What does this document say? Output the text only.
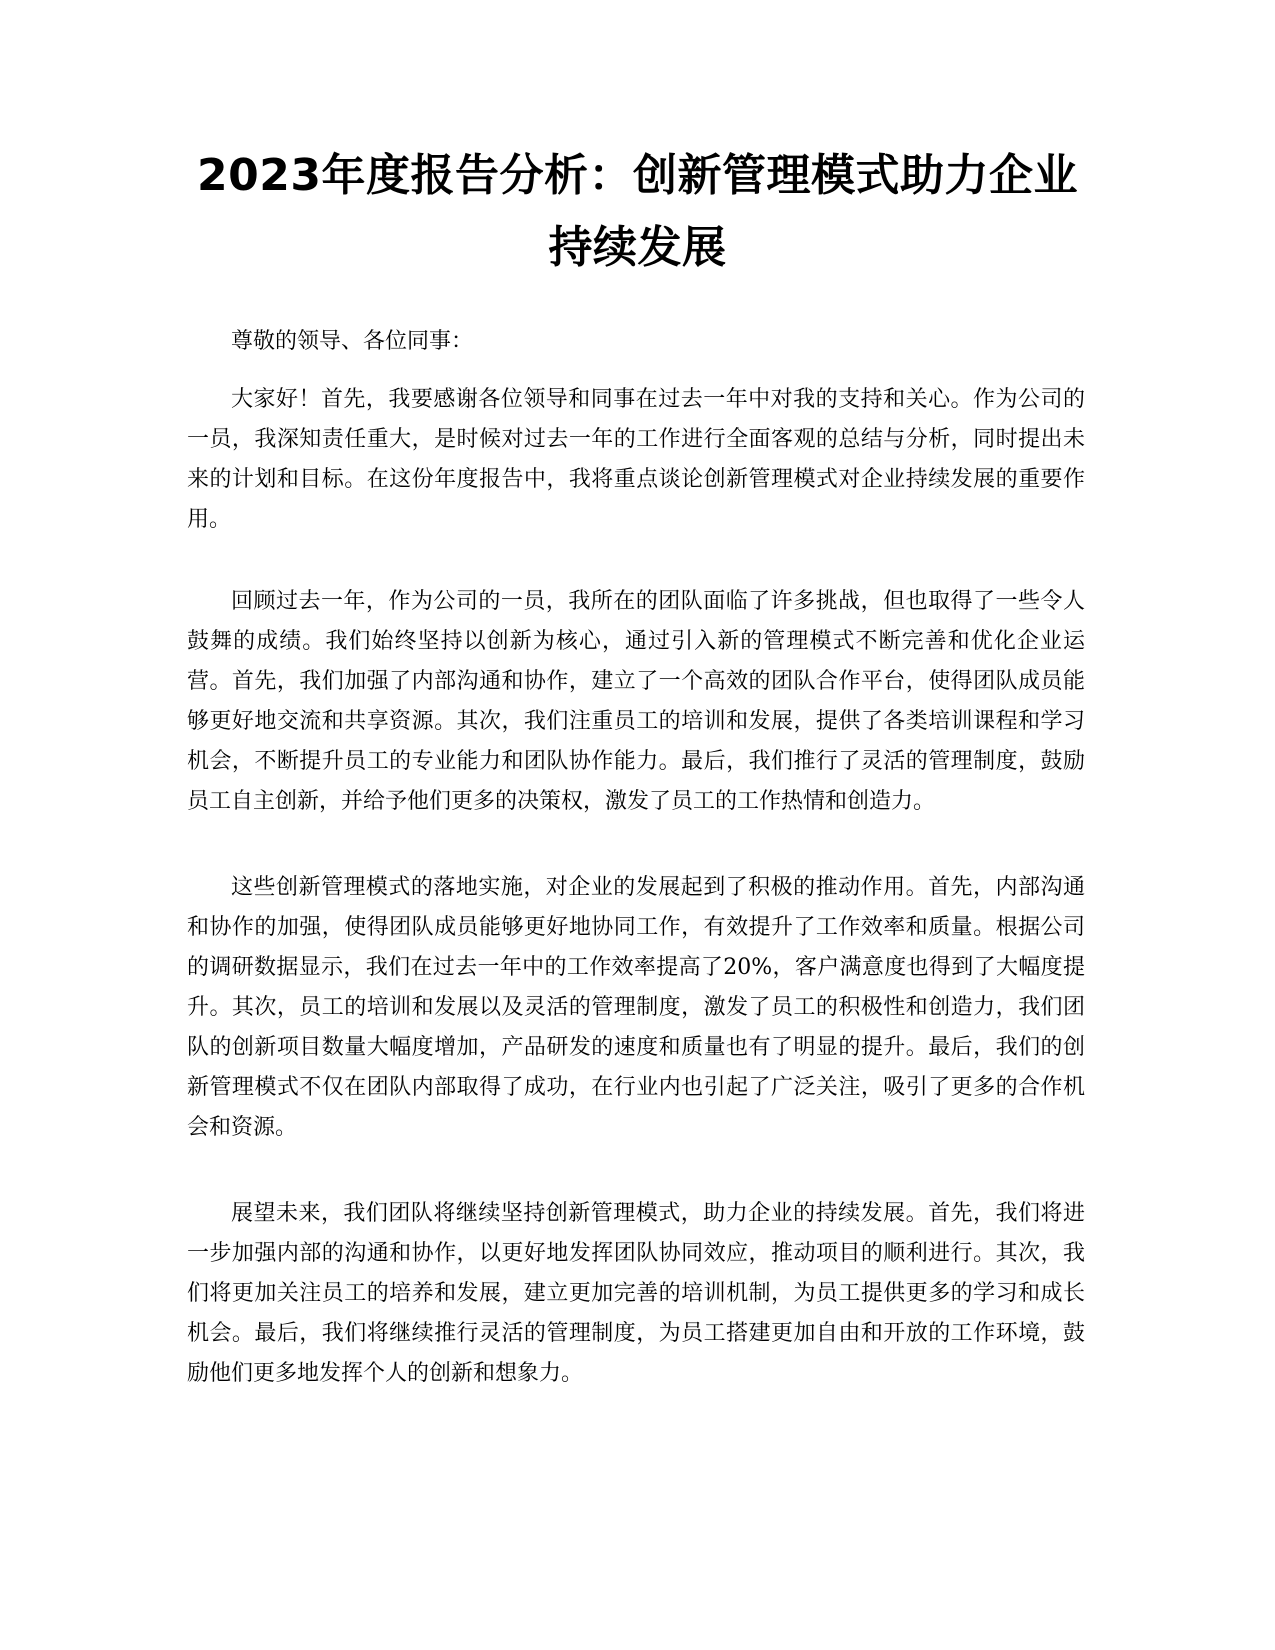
2023年度报告分析：创新管理模式助力企业
持续发展

尊敬的领导、各位同事：

大家好！首先，我要感谢各位领导和同事在过去一年中对我的支持和关心。作为公司的一员，我深知责任重大，是时候对过去一年的工作进行全面客观的总结与分析，同时提出未来的计划和目标。在这份年度报告中，我将重点谈论创新管理模式对企业持续发展的重要作用。

回顾过去一年，作为公司的一员，我所在的团队面临了许多挑战，但也取得了一些令人鼓舞的成绩。我们始终坚持以创新为核心，通过引入新的管理模式不断完善和优化企业运营。首先，我们加强了内部沟通和协作，建立了一个高效的团队合作平台，使得团队成员能够更好地交流和共享资源。其次，我们注重员工的培训和发展，提供了各类培训课程和学习机会，不断提升员工的专业能力和团队协作能力。最后，我们推行了灵活的管理制度，鼓励员工自主创新，并给予他们更多的决策权，激发了员工的工作热情和创造力。

这些创新管理模式的落地实施，对企业的发展起到了积极的推动作用。首先，内部沟通和协作的加强，使得团队成员能够更好地协同工作，有效提升了工作效率和质量。根据公司的调研数据显示，我们在过去一年中的工作效率提高了20%，客户满意度也得到了大幅度提升。其次，员工的培训和发展以及灵活的管理制度，激发了员工的积极性和创造力，我们团队的创新项目数量大幅度增加，产品研发的速度和质量也有了明显的提升。最后，我们的创新管理模式不仅在团队内部取得了成功，在行业内也引起了广泛关注，吸引了更多的合作机会和资源。

展望未来，我们团队将继续坚持创新管理模式，助力企业的持续发展。首先，我们将进一步加强内部的沟通和协作，以更好地发挥团队协同效应，推动项目的顺利进行。其次，我们将更加关注员工的培养和发展，建立更加完善的培训机制，为员工提供更多的学习和成长机会。最后，我们将继续推行灵活的管理制度，为员工搭建更加自由和开放的工作环境，鼓励他们更多地发挥个人的创新和想象力。
